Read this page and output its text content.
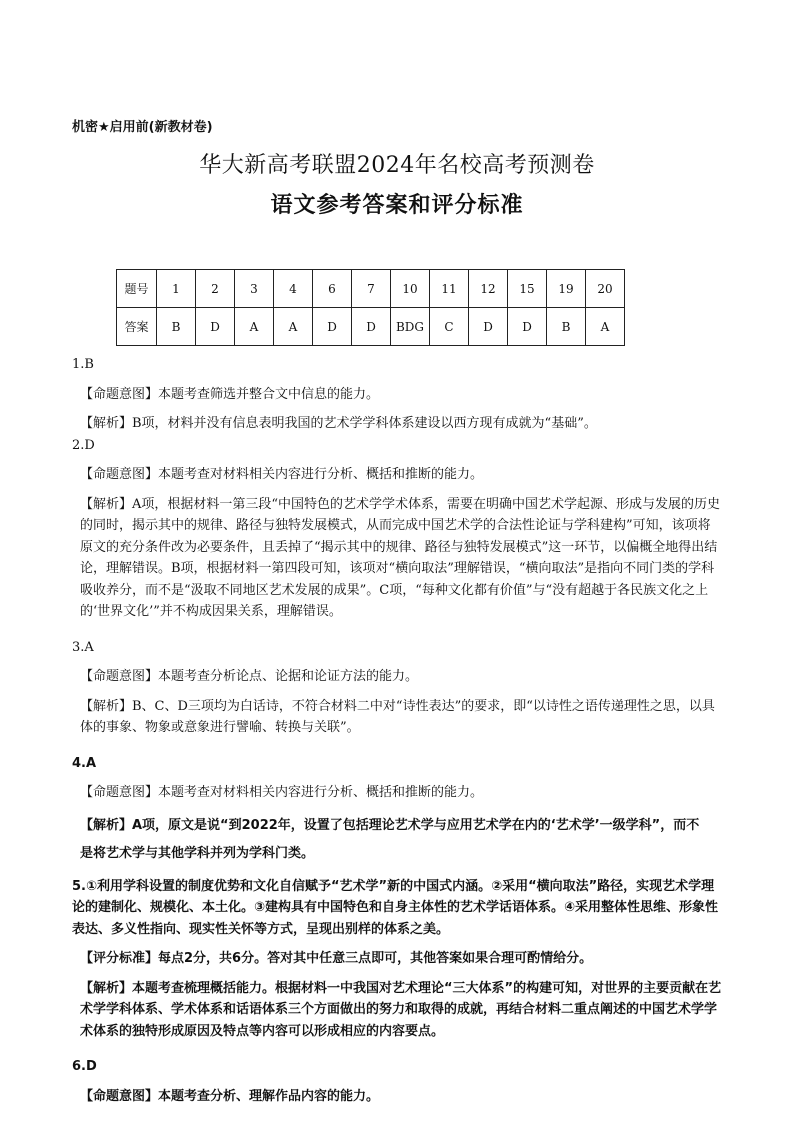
机密★启用前(新教材卷)
华大新高考联盟2024年名校高考预测卷
语文参考答案和评分标准
题号	1	2	3	4	6	7	10	11	12	15	19	20
答案	B	D	A	A	D	D	BDG	C	D	D	B	A

1.B

【命题意图】本题考查筛选并整合文中信息的能力。

【解析】B项，材料并没有信息表明我国的艺术学学科体系建设以西方现有成就为“基础”。

2.D

【命题意图】本题考查对材料相关内容进行分析、概括和推断的能力。

【解析】A项，根据材料一第三段“中国特色的艺术学学术体系，需要在明确中国艺术学起源、形成与发展的历史的同时，揭示其中的规律、路径与独特发展模式，从而完成中国艺术学的合法性论证与学科建构”可知，该项将原文的充分条件改为必要条件，且丢掉了“揭示其中的规律、路径与独特发展模式”这一环节，以偏概全地得出结论，理解错误。B项，根据材料一第四段可知，该项对“横向取法”理解错误，“横向取法”是指向不同门类的学科吸收养分，而不是“汲取不同地区艺术发展的成果”。C项，“每种文化都有价值”与“没有超越于各民族文化之上的‘世界文化’”并不构成因果关系，理解错误。

3.A

【命题意图】本题考查分析论点、论据和论证方法的能力。

【解析】B、C、D三项均为白话诗，不符合材料二中对“诗性表达”的要求，即“以诗性之语传递理性之思，以具体的事象、物象或意象进行譬喻、转换与关联”。

4.A

【命题意图】本题考查对材料相关内容进行分析、概括和推断的能力。

【解析】A项，原文是说“到2022年，设置了包括理论艺术学与应用艺术学在内的‘艺术学’一级学科”，而不

是将艺术学与其他学科并列为学科门类。

5.①利用学科设置的制度优势和文化自信赋予“艺术学”新的中国式内涵。②采用“横向取法”路径，实现艺术学理论的建制化、规模化、本土化。③建构具有中国特色和自身主体性的艺术学话语体系。④采用整体性思维、形象性表达、多义性指向、现实性关怀等方式，呈现出别样的体系之美。

【评分标准】每点2分，共6分。答对其中任意三点即可，其他答案如果合理可酌情给分。

【解析】本题考查梳理概括能力。根据材料一中我国对艺术理论“三大体系”的构建可知，对世界的主要贡献在艺术学学科体系、学术体系和话语体系三个方面做出的努力和取得的成就，再结合材料二重点阐述的中国艺术学学术体系的独特形成原因及特点等内容可以形成相应的内容要点。

6.D

【命题意图】本题考查分析、理解作品内容的能力。
